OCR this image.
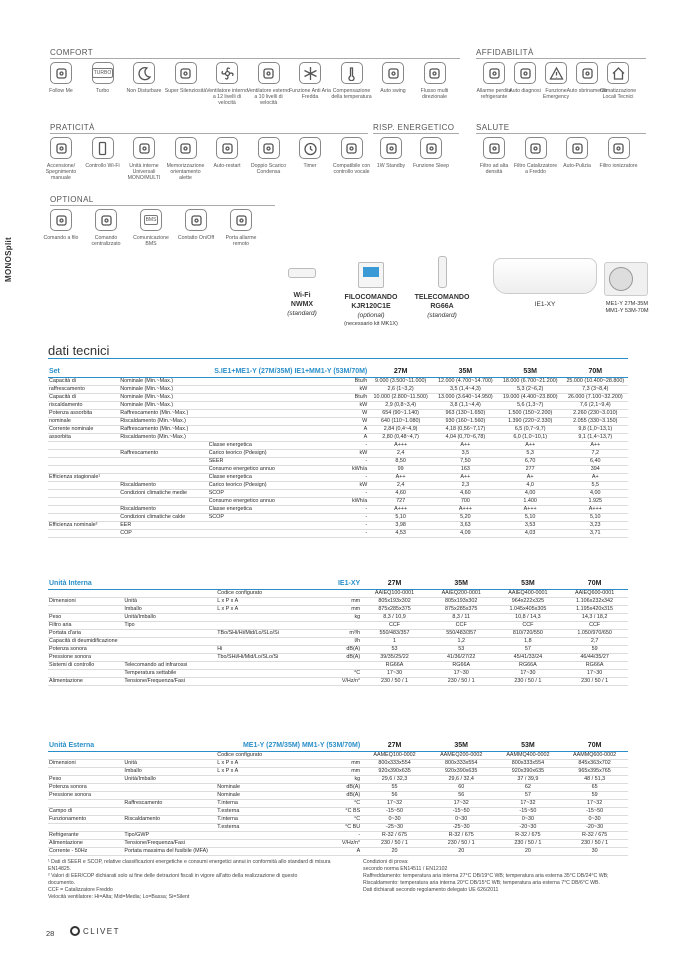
MONOSplit
COMFORT	AFFIDABILITÀ
PRATICITÀ	RISP. ENERGETICO	SALUTE
OPTIONAL
Follow Me
TURBO
Turbo	Non Disturbare Super Silenziosità Ventilatore interno a 12 livelli di velocità
Ventilatore esterno a 10 livelli di velocità
Funzione Anti Aria Fredda
Compensazione della temperatura
Auto swing	Flusso multi direzionale
Allarme perdita refrigerante
Auto diagnosi Funzione Emergency
Auto sbrinamento
Climatizzazione Locali Tecnici
Accensione/ Spegnimento manuale
Controllo Wi-Fi	Unità interne Universali MONO/MULTI
Memorizzazione orientamento alette
Auto-restart	Doppio Scarico Condensa
Timer	Compatibile con controllo vocale
1W Standby	Funzione Sleep	Filtro ad alta densità
Filtro Catalizzatore a Freddo
Auto-Pulizia	Filtro ionizzatore
Comando a filo	Comando centralizzato
BMS
Comunicazione BMS
Contatto On/Off	Porta allarme remoto
Wi-Fi
NWMX
(standard)
FILOCOMANDO
KJR120C1E
(optional)
(necessario kit MK1X)
TELECOMANDO
RG66A
(standard)
IE1-XY	ME1-Y 27M-35M
MM1-Y 53M-70M
dati tecnici
Set		S.IE1+ME1-Y (27M/35M) IE1+MM1-Y (53M/70M)		27M	35M	53M	70M
Capacità di	Nominale (Min.~Max.)		Btu/h	9.000 (3.500~11.000)	12.000 (4.700~14.700)	18.000 (6.700~21.200)	25.000 (10.400~28.800)
raffrescamento	Nominale (Min.~Max.)		kW	2,6 (1~3,2)	3,5 (1,4~4,3)	5,3 (2~6,2)	7,3 (3~8,4)
Capacità di	Nominale (Min.~Max.)		Btu/h	10.000 (2.800~11.500)	13.000 (3.640~14.950)	19.000 (4.400~23.800)	26.000 (7.100~32.200)
riscaldamento	Nominale (Min.~Max.)		kW	2,9 (0,8~3,4)	3,8 (1,1~4,4)	5,6 (1,3~7)	7,6 (2,1~9,4)
Potenza assorbita	Raffrescamento (Min.~Max.)		W	654 (90~1.140)	963 (130~1.650)	1.500 (150~2.200)	2.260 (230~3.010)
nominale	Riscaldamento (Min.~Max.)		W	640 (110~1.080)	930 (160~1.560)	1.390 (220~2.330)	2.055 (330~3.150)
Corrente nominale	Raffrescamento (Min.~Max.)		A	2,84 (0,4~4,9)	4,18 (0,56~7,17)	6,5 (0,7~9,7)	9,8 (1,0~13,1)
assorbita	Riscaldamento (Min.~Max.)		A	2,80 (0,48~4,7)	4,04 (0,70~6,78)	6,0 (1,0~10,1)	9,1 (1,4~13,7)
		Classe energetica	-	A+++	A++	A++	A++
	Raffrescamento	Carico teorico (Pdesign)	kW	2,4	3,5	5,3	7,2
		SEER	-	8,50	7,50	6,70	6,40
		Consumo energetico annuo	kWh/a	99	163	277	394
Efficienza stagionale¹		Classe energetica	-	A++	A++	A+	A+
	Riscaldamento	Carico teorico (Pdesign)	kW	2,4	2,3	4,0	5,5
	Condizioni climatiche medie	SCOP	-	4,60	4,60	4,00	4,00
		Consumo energetico annuo	kWh/a	727	700	1.400	1.925
	Riscaldamento	Classe energetica	-	A+++	A+++	A+++	A+++
	Condizioni climatiche calde	SCOP	-	5,10	5,20	5,10	5,10
Efficienza nominale²	EER		-	3,98	3,63	3,53	3,23
	COP		-	4,53	4,09	4,03	3,71
Unità Interna		IE1-XY		27M	35M	53M	70M
		Codice configurato		AAIEQ100-0001	AAIEQ200-0001	AAIEQ400-0001	AAIEQ600-0001
Dimensioni	Unità	L x P x A	mm	805x193x302	805x193x302	964x222x325	1.106x232x342
	Imballo	L x P x A	mm	875x285x375	875x285x375	1.045x405x305	1.195x420x315
Peso	Unità/Imballo		kg	8,3 / 10,9	8,3 / 11	10,8 / 14,3	14,3 / 18,2
Filtro aria	Tipo			CCF	CCF	CCF	CCF
Portata d'aria		TBo/SHi/Hi/Mid/Lo/SLo/Si	m³/h	550/483/357	550/483/357	810/720/550	1.050/970/650
Capacità di deumidificazione			l/h	1	1,2	1,8	2,7
Potenza sonora		Hi	dB(A)	53	53	57	59
Pressione sonora		Tbo/SHi/Hi/Mid/Lo/SLo/Si	dB(A)	39/35/25/22	41/36/27/22	45/41/33/24	46/44/35/27
Sistemi di controllo	Telecomando ad infrarossi			RG66A	RG66A	RG66A	RG66A
	Temperatura settabile		°C	17~30	17~30	17~30	17~30
Alimentazione	Tensione/Frequenza/Fasi		V/Hz/n°	230 / 50 / 1	230 / 50 / 1	230 / 50 / 1	230 / 50 / 1
Unità Esterna		ME1-Y (27M/35M) MM1-Y (53M/70M)		27M	35M	53M	70M
		Codice configurato		AAMEQ100-0002	AAMEQ200-0002	AAMMQ400-0002	AAMMQ600-0002
Dimensioni	Unità	L x P x A	mm	800x333x554	800x333x554	800x333x554	845x363x702
	Imballo	L x P x A	mm	920x390x635	920x390x635	920x390x635	965x395x765
Peso	Unità/Imballo		kg	29,6 / 32,3	29,6 / 32,4	37 / 39,9	48 / 51,3
Potenza sonora		Nominale	dB(A)	55	60	62	65
Pressione sonora		Nominale	dB(A)	56	56	57	59
	Raffrescamento	T.interna	°C	17~32	17~32	17~32	17~32
Campo di		T.esterna	°C BS	-15~50	-15~50	-15~50	-15~50
Funzionamento	Riscaldamento	T.interna	°C	0~30	0~30	0~30	0~30
		T.esterna	°C BU	-25~30	-25~30	-20~30	-20~30
Refrigerante	Tipo/GWP		-	R-32 / 675	R-32 / 675	R-32 / 675	R-32 / 675
Alimentazione	Tensione/Frequenza/Fasi		V/Hz/n°	230 / 50 / 1	230 / 50 / 1	230 / 50 / 1	230 / 50 / 1
Corrente - 50Hz	Portata massima del fusibile (MFA)		A	20	20	20	30
¹ Dati di SEER e SCOP, relative classificazioni energetiche e consumi energetici annui in conformità allo standard di misura EN14825.
² Valori di EER/COP dichiarati solo ai fine delle detrazioni fiscali in vigore all'atto della realizzazione di questo
documento.
CCF = Catalizzatore Freddo
Velocità ventilatore: Hi=Alta; Mid=Media; Lo=Bassa; Si=Silent
Condizioni di prova:
secondo norma EN14511 / EN12102
Raffreddamento: temperatura aria interna 27°C DB/19°C WB; temperatura aria esterna 35°C DB/24°C WB;
Riscaldamento: temperatura aria interna 20°C DB/15°C WB; temperatura aria esterna 7°C DB/6°C WB.
Dati dichiarati secondo regolamento delegato UE 626/2011
28	CLIVET
